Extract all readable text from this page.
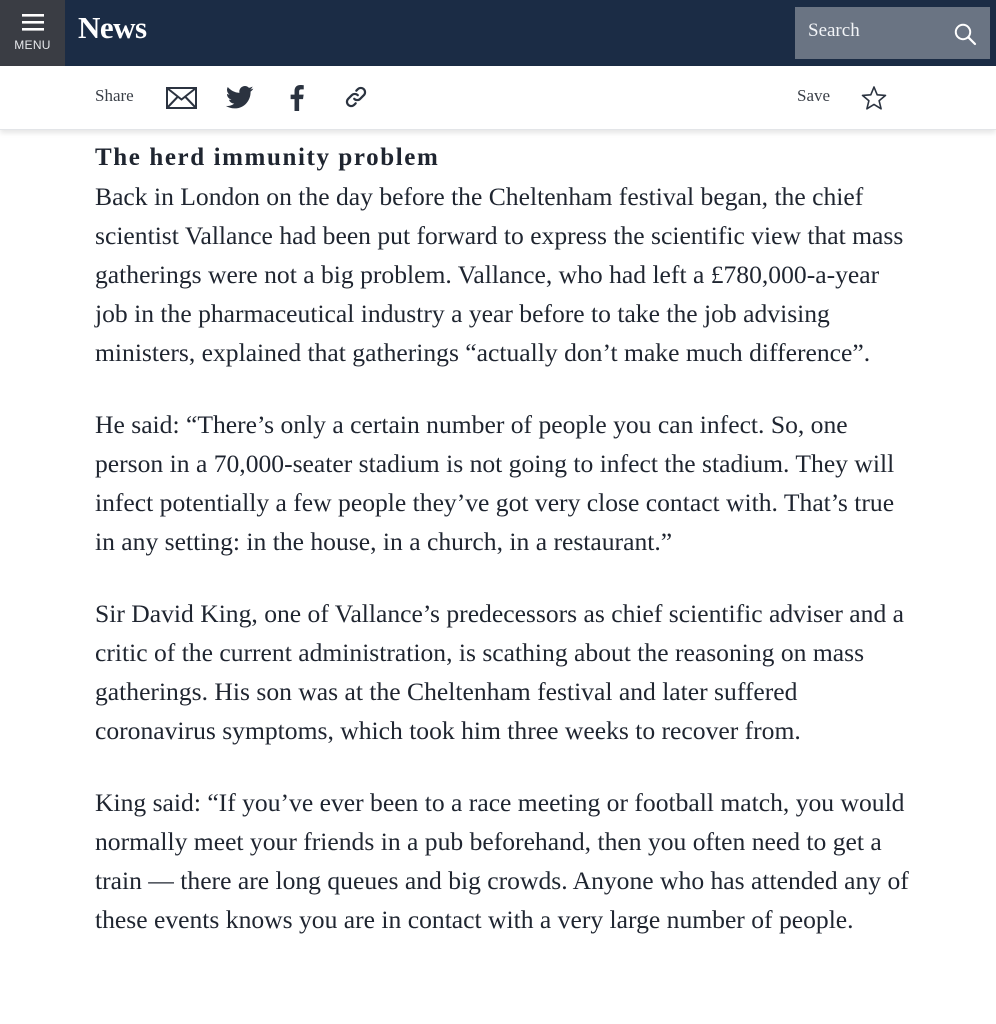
MENU News	Search
Share	Save
The herd immunity problem

Back in London on the day before the Cheltenham festival began, the chief scientist Vallance had been put forward to express the scientific view that mass gatherings were not a big problem. Vallance, who had left a £780,000-a-year job in the pharmaceutical industry a year before to take the job advising ministers, explained that gatherings “actually don’t make much difference”.

He said: “There’s only a certain number of people you can infect. So, one person in a 70,000-seater stadium is not going to infect the stadium. They will infect potentially a few people they’ve got very close contact with. That’s true in any setting: in the house, in a church, in a restaurant.”

Sir David King, one of Vallance’s predecessors as chief scientific adviser and a critic of the current administration, is scathing about the reasoning on mass gatherings. His son was at the Cheltenham festival and later suffered coronavirus symptoms, which took him three weeks to recover from.

King said: “If you’ve ever been to a race meeting or football match, you would normally meet your friends in a pub beforehand, then you often need to get a train — there are long queues and big crowds. Anyone who has attended any of these events knows you are in contact with a very large number of people.
